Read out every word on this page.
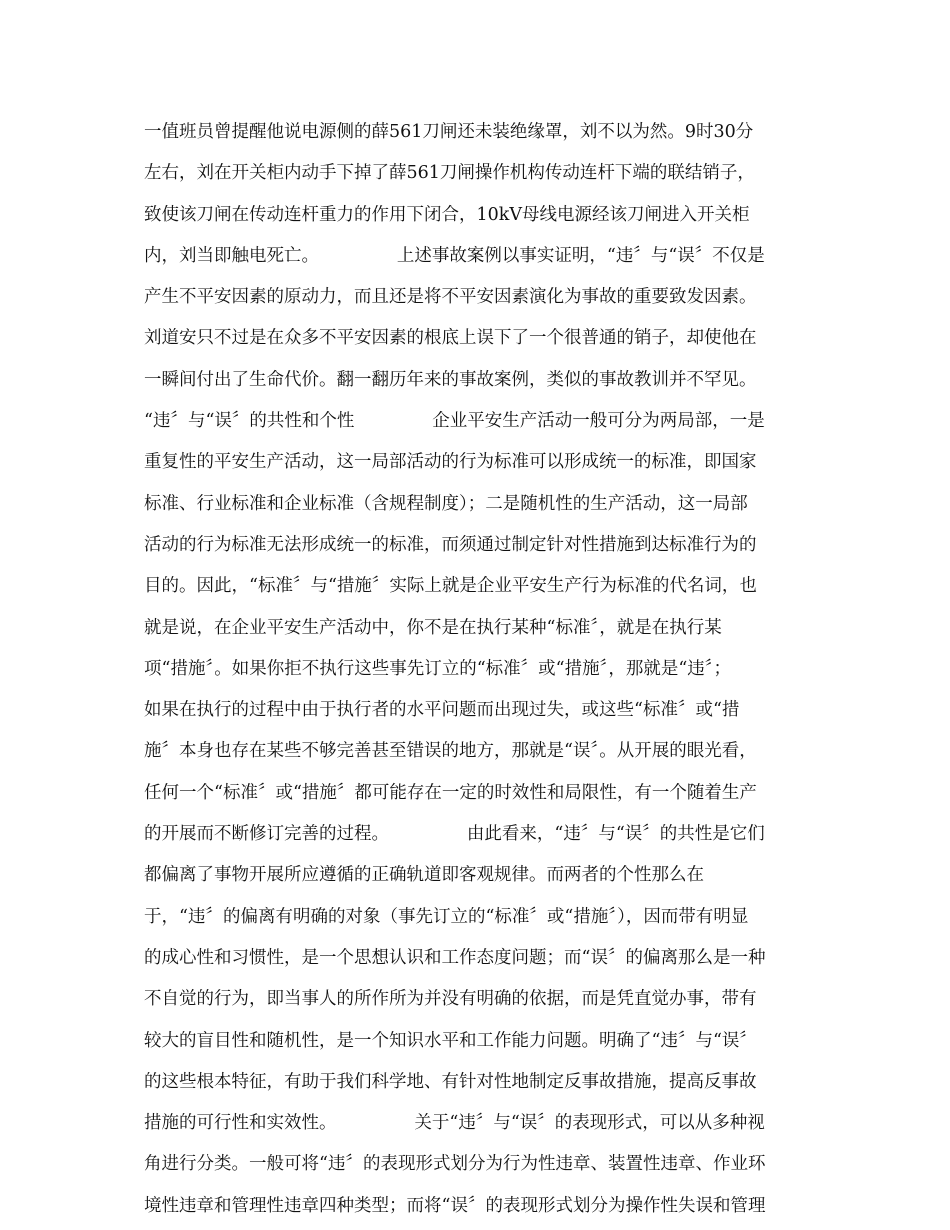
一值班员曾提醒他说电源侧的薛561刀闸还未装绝缘罩，刘不以为然。9时30分
左右，刘在开关柜内动手下掉了薛561刀闸操作机构传动连杆下端的联结销子，
致使该刀闸在传动连杆重力的作用下闭合，10kV母线电源经该刀闸进入开关柜
内，刘当即触电死亡。              上述事故案例以事实证明，“违〞与“误〞不仅是
产生不平安因素的原动力，而且还是将不平安因素演化为事故的重要致发因素。
刘道安只不过是在众多不平安因素的根底上误下了一个很普通的销子，却使他在
一瞬间付出了生命代价。翻一翻历年来的事故案例，类似的事故教训并不罕见。
“违〞与“误〞的共性和个性              企业平安生产活动一般可分为两局部，一是
重复性的平安生产活动，这一局部活动的行为标准可以形成统一的标准，即国家
标准、行业标准和企业标准（含规程制度）；二是随机性的生产活动，这一局部
活动的行为标准无法形成统一的标准，而须通过制定针对性措施到达标准行为的
目的。因此，“标准〞与“措施〞实际上就是企业平安生产行为标准的代名词，也
就是说，在企业平安生产活动中，你不是在执行某种“标准〞，就是在执行某
项“措施〞。如果你拒不执行这些事先订立的“标准〞或“措施〞，那就是“违〞；
如果在执行的过程中由于执行者的水平问题而出现过失，或这些“标准〞或“措
施〞本身也存在某些不够完善甚至错误的地方，那就是“误〞。从开展的眼光看，
任何一个“标准〞或“措施〞都可能存在一定的时效性和局限性，有一个随着生产
的开展而不断修订完善的过程。              由此看来，“违〞与“误〞的共性是它们
都偏离了事物开展所应遵循的正确轨道即客观规律。而两者的个性那么在
于，“违〞的偏离有明确的对象（事先订立的“标准〞或“措施〞），因而带有明显
的成心性和习惯性，是一个思想认识和工作态度问题；而“误〞的偏离那么是一种
不自觉的行为，即当事人的所作所为并没有明确的依据，而是凭直觉办事，带有
较大的盲目性和随机性，是一个知识水平和工作能力问题。明确了“违〞与“误〞
的这些根本特征，有助于我们科学地、有针对性地制定反事故措施，提高反事故
措施的可行性和实效性。              关于“违〞与“误〞的表现形式，可以从多种视
角进行分类。一般可将“违〞的表现形式划分为行为性违章、装置性违章、作业环
境性违章和管理性违章四种类型；而将“误〞的表现形式划分为操作性失误和管理
